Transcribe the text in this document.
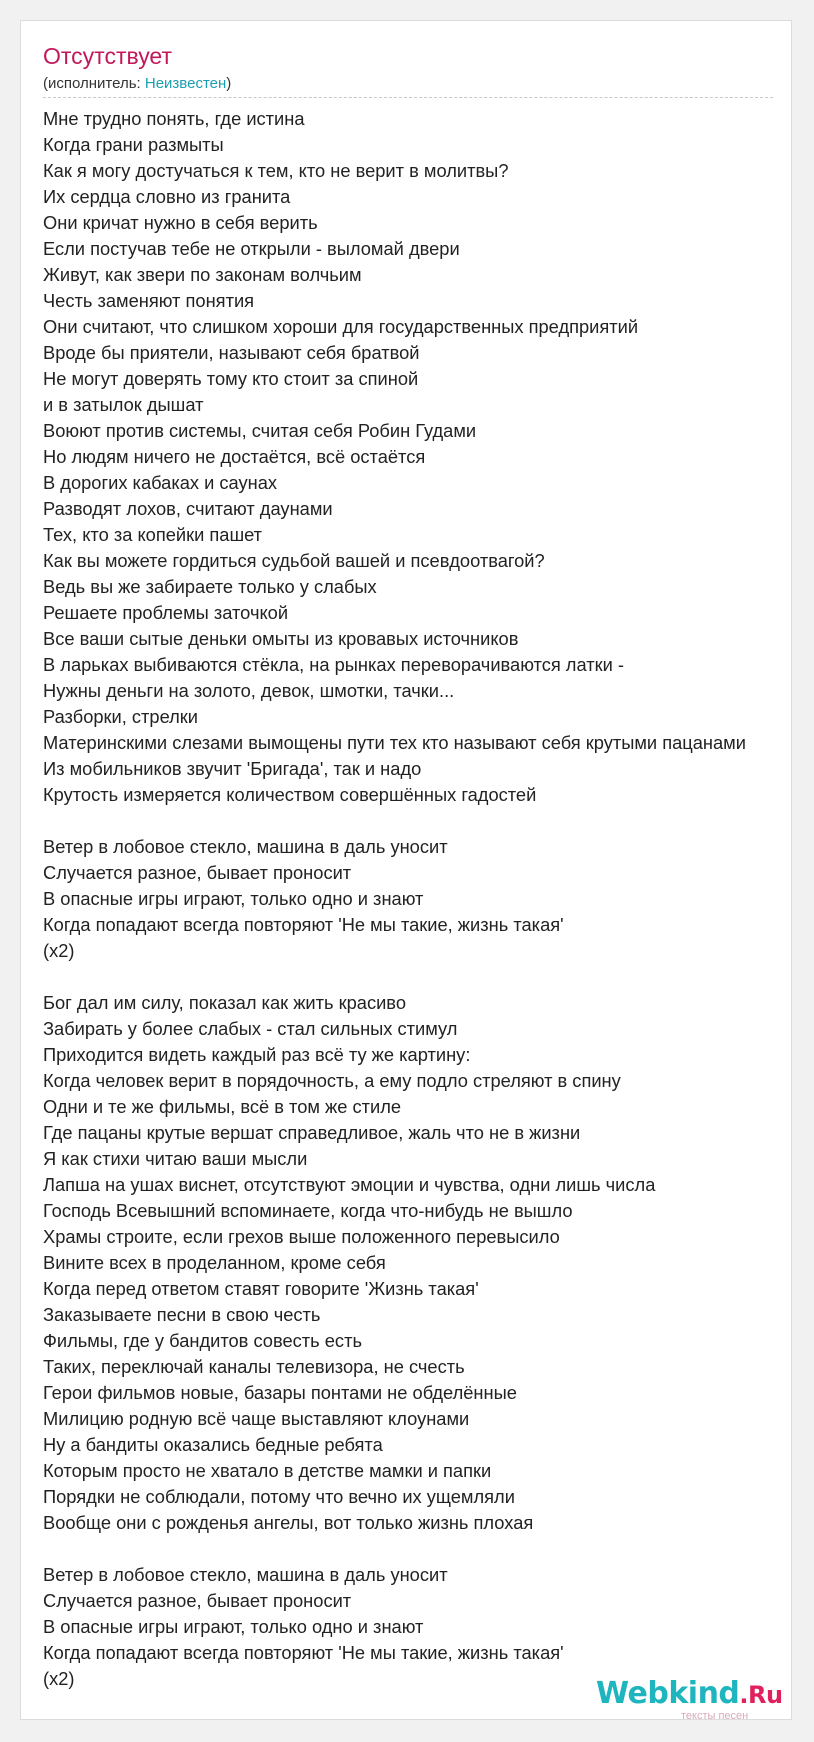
Отсутствует
(исполнитель: Неизвестен)
Мне трудно понять, где истина
Когда грани размыты
Как я могу достучаться к тем, кто не верит в молитвы?
Их сердца словно из гранита
Они кричат нужно в себя верить
Если постучав тебе не открыли - выломай двери
Живут, как звери по законам волчьим
Честь заменяют понятия
Они считают, что слишком хороши для государственных предприятий
Вроде бы приятели, называют себя братвой
Не могут доверять тому кто стоит за спиной
и в затылок дышат
Воюют против системы, считая себя Робин Гудами
Но людям ничего не достаётся, всё остаётся
В дорогих кабаках и саунах
Разводят лохов, считают даунами
Тех, кто за копейки пашет
Как вы можете гордиться судьбой вашей и псевдоотвагой?
Ведь вы же забираете только у слабых
Решаете проблемы заточкой
Все ваши сытые деньки омыты из кровавых источников
В ларьках выбиваются стёкла, на рынках переворачиваются латки -
Нужны деньги на золото, девок, шмотки, тачки...
Разборки, стрелки
Материнскими слезами вымощены пути тех кто называют себя крутыми пацанами
Из мобильников звучит 'Бригада', так и надо
Крутость измеряется количеством совершённых гадостей
Ветер в лобовое стекло, машина в даль уносит
Случается разное, бывает проносит
В опасные игры играют, только одно и знают
Когда попадают всегда повторяют 'Не мы такие, жизнь такая'
(x2)
Бог дал им силу, показал как жить красиво
Забирать у более слабых - стал сильных стимул
Приходится видеть каждый раз всё ту же картину:
Когда человек верит в порядочность, а ему подло стреляют в спину
Одни и те же фильмы, всё в том же стиле
Где пацаны крутые вершат справедливое, жаль что не в жизни
Я как стихи читаю ваши мысли
Лапша на ушах виснет, отсутствуют эмоции и чувства, одни лишь числа
Господь Всевышний вспоминаете, когда что-нибудь не вышло
Храмы строите, если грехов выше положенного перевысило
Вините всех в проделанном, кроме себя
Когда перед ответом ставят говорите 'Жизнь такая'
Заказываете песни в свою честь
Фильмы, где у бандитов совесть есть
Таких, переключай каналы телевизора, не счесть
Герои фильмов новые, базары понтами не обделённые
Милицию родную всё чаще выставляют клоунами
Ну а бандиты оказались бедные ребята
Которым просто не хватало в детстве мамки и папки
Порядки не соблюдали, потому что вечно их ущемляли
Вообще они с рожденья ангелы, вот только жизнь плохая
Ветер в лобовое стекло, машина в даль уносит
Случается разное, бывает проносит
В опасные игры играют, только одно и знают
Когда попадают всегда повторяют 'Не мы такие, жизнь такая'
(x2)	Webkind.Ru
тексты песен
